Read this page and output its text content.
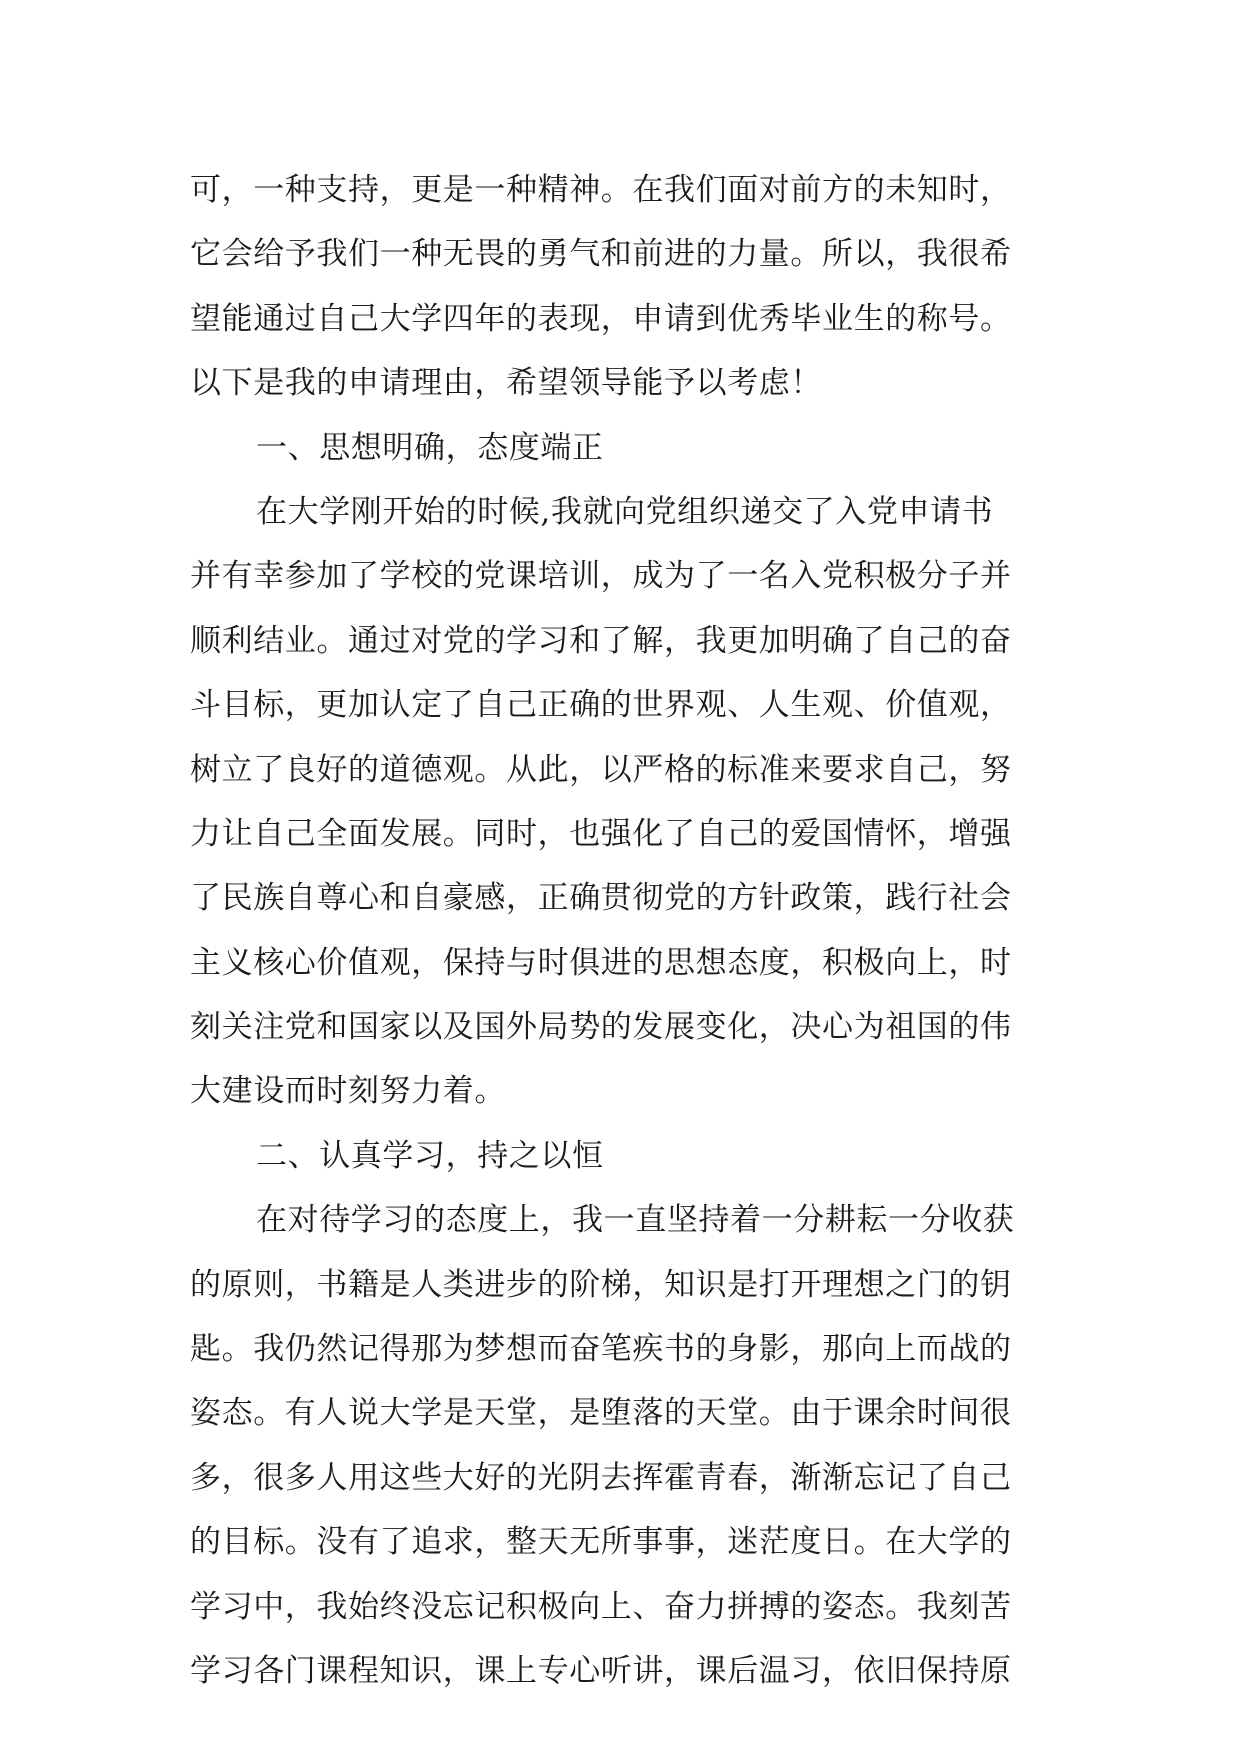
可，一种支持，更是一种精神。在我们面对前方的未知时，
它会给予我们一种无畏的勇气和前进的力量。所以，我很希
望能通过自己大学四年的表现，申请到优秀毕业生的称号。
以下是我的申请理由，希望领导能予以考虑！
一、思想明确，态度端正
在大学刚开始的时候,我就向党组织递交了入党申请书
并有幸参加了学校的党课培训，成为了一名入党积极分子并
顺利结业。通过对党的学习和了解，我更加明确了自己的奋
斗目标，更加认定了自己正确的世界观、人生观、价值观，
树立了良好的道德观。从此，以严格的标准来要求自己，努
力让自己全面发展。同时，也强化了自己的爱国情怀，增强
了民族自尊心和自豪感，正确贯彻党的方针政策，践行社会
主义核心价值观，保持与时俱进的思想态度，积极向上，时
刻关注党和国家以及国外局势的发展变化，决心为祖国的伟
大建设而时刻努力着。
二、认真学习，持之以恒
在对待学习的态度上，我一直坚持着一分耕耘一分收获
的原则，书籍是人类进步的阶梯，知识是打开理想之门的钥
匙。我仍然记得那为梦想而奋笔疾书的身影，那向上而战的
姿态。有人说大学是天堂，是堕落的天堂。由于课余时间很
多，很多人用这些大好的光阴去挥霍青春，渐渐忘记了自己
的目标。没有了追求，整天无所事事，迷茫度日。在大学的
学习中，我始终没忘记积极向上、奋力拼搏的姿态。我刻苦
学习各门课程知识，课上专心听讲，课后温习，依旧保持原
